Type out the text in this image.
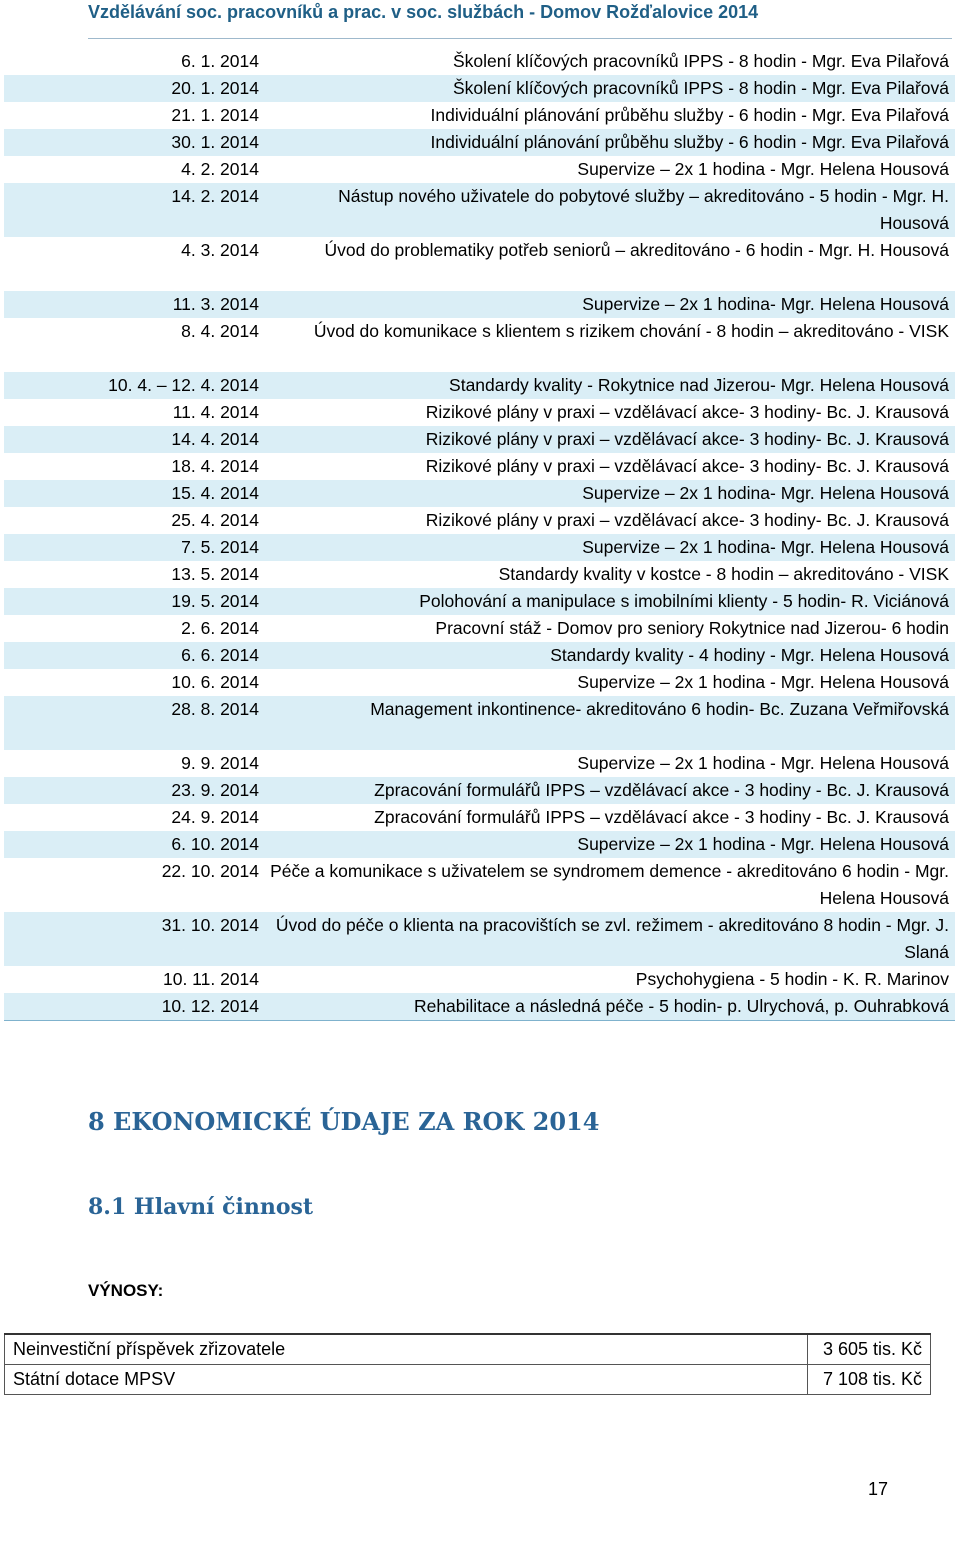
Vzdělávání soc. pracovníků a prac. v soc. službách - Domov Rožďalovice 2014
6. 1. 2014	Školení klíčových pracovníků IPPS - 8 hodin - Mgr. Eva Pilařová
20. 1. 2014	Školení klíčových pracovníků IPPS - 8 hodin - Mgr. Eva Pilařová
21. 1. 2014	Individuální plánování průběhu služby - 6 hodin - Mgr. Eva Pilařová
30. 1. 2014	Individuální plánování průběhu služby - 6 hodin - Mgr. Eva Pilařová
4. 2. 2014	Supervize – 2x 1 hodina - Mgr. Helena Housová
14. 2. 2014	Nástup nového uživatele do pobytové služby – akreditováno - 5 hodin - Mgr. H. Housová
4. 3. 2014	Úvod do problematiky potřeb seniorů – akreditováno - 6 hodin - Mgr. H. Housová
11. 3. 2014	Supervize – 2x 1 hodina- Mgr. Helena Housová
8. 4. 2014	Úvod do komunikace s klientem s rizikem chování - 8 hodin – akreditováno - VISK
10. 4. – 12. 4. 2014	Standardy kvality - Rokytnice nad Jizerou- Mgr. Helena Housová
11. 4. 2014	Rizikové plány v praxi – vzdělávací akce- 3 hodiny- Bc. J. Krausová
14. 4. 2014	Rizikové plány v praxi – vzdělávací akce- 3 hodiny- Bc. J. Krausová
18. 4. 2014	Rizikové plány v praxi – vzdělávací akce- 3 hodiny- Bc. J. Krausová
15. 4. 2014	Supervize – 2x 1 hodina- Mgr. Helena Housová
25. 4. 2014	Rizikové plány v praxi – vzdělávací akce- 3 hodiny- Bc. J. Krausová
7. 5. 2014	Supervize – 2x 1 hodina- Mgr. Helena Housová
13. 5. 2014	Standardy kvality v kostce - 8 hodin – akreditováno - VISK
19. 5. 2014	Polohování a manipulace s imobilními klienty - 5 hodin- R. Viciánová
2. 6. 2014	Pracovní stáž - Domov pro seniory Rokytnice nad Jizerou- 6 hodin
6. 6. 2014	Standardy kvality - 4 hodiny - Mgr. Helena Housová
10. 6. 2014	Supervize – 2x 1 hodina - Mgr. Helena Housová
28. 8. 2014	Management inkontinence- akreditováno 6 hodin- Bc. Zuzana Veřmiřovská
9. 9. 2014	Supervize – 2x 1 hodina - Mgr. Helena Housová
23. 9. 2014	Zpracování formulářů IPPS – vzdělávací akce - 3 hodiny - Bc. J. Krausová
24. 9. 2014	Zpracování formulářů IPPS – vzdělávací akce - 3 hodiny - Bc. J. Krausová
6. 10. 2014	Supervize – 2x 1 hodina - Mgr. Helena Housová
22. 10. 2014	Péče a komunikace s uživatelem se syndromem demence - akreditováno 6 hodin - Mgr. Helena Housová
31. 10. 2014	Úvod do péče o klienta na pracovištích se zvl. režimem - akreditováno 8 hodin - Mgr. J. Slaná
10. 11. 2014	Psychohygiena - 5 hodin - K. R. Marinov
10. 12. 2014	Rehabilitace a následná péče - 5 hodin- p. Ulrychová, p. Ouhrabková
8 EKONOMICKÉ ÚDAJE ZA ROK 2014
8.1 Hlavní činnost
VÝNOSY:
Neinvestiční příspěvek zřizovatele	3 605 tis. Kč
Státní dotace MPSV	7 108 tis. Kč
17
